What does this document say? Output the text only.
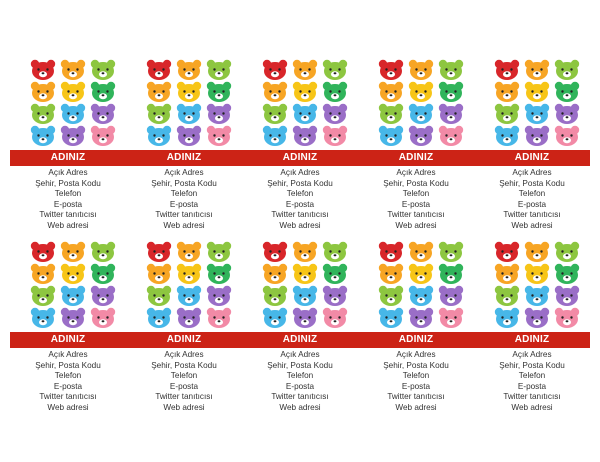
ADINIZ
Açık Adres
Şehir, Posta Kodu
Telefon
E-posta
Twitter tanıtıcısı
Web adresi
ADINIZ
Açık Adres
Şehir, Posta Kodu
Telefon
E-posta
Twitter tanıtıcısı
Web adresi
ADINIZ
Açık Adres
Şehir, Posta Kodu
Telefon
E-posta
Twitter tanıtıcısı
Web adresi
ADINIZ
Açık Adres
Şehir, Posta Kodu
Telefon
E-posta
Twitter tanıtıcısı
Web adresi
ADINIZ
Açık Adres
Şehir, Posta Kodu
Telefon
E-posta
Twitter tanıtıcısı
Web adresi
ADINIZ
Açık Adres
Şehir, Posta Kodu
Telefon
E-posta
Twitter tanıtıcısı
Web adresi
ADINIZ
Açık Adres
Şehir, Posta Kodu
Telefon
E-posta
Twitter tanıtıcısı
Web adresi
ADINIZ
Açık Adres
Şehir, Posta Kodu
Telefon
E-posta
Twitter tanıtıcısı
Web adresi
ADINIZ
Açık Adres
Şehir, Posta Kodu
Telefon
E-posta
Twitter tanıtıcısı
Web adresi
ADINIZ
Açık Adres
Şehir, Posta Kodu
Telefon
E-posta
Twitter tanıtıcısı
Web adresi
